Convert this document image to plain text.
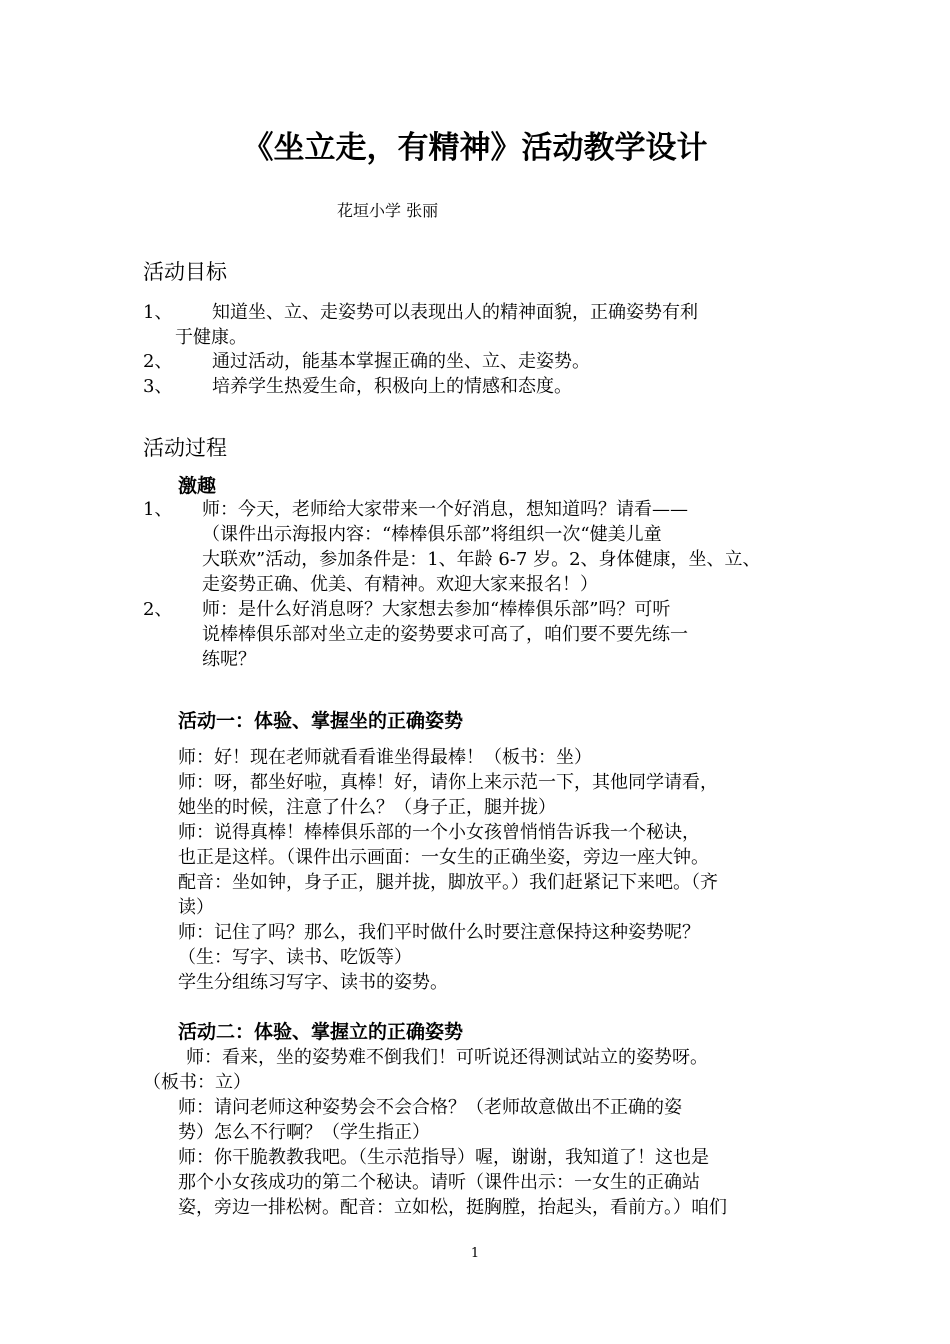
《坐立走，有精神》活动教学设计
花垣小学 张丽
活动目标
1、 知道坐、立、走姿势可以表现出人的精神面貌，正确姿势有利
于健康。
2、 通过活动，能基本掌握正确的坐、立、走姿势。
3、 培养学生热爱生命，积极向上的情感和态度。
活动过程
激趣
1、 师：今天，老师给大家带来一个好消息，想知道吗？请看——
（课件出示海报内容：“棒棒俱乐部”将组织一次“健美儿童
大联欢”活动，参加条件是：1、年龄 6-7 岁。2、身体健康，坐、立、
走姿势正确、优美、有精神。欢迎大家来报名！）
2、 师：是什么好消息呀？大家想去参加“棒棒俱乐部”吗？可听
说棒棒俱乐部对坐立走的姿势要求可高了，咱们要不要先练一
练呢？
活动一：体验、掌握坐的正确姿势
师：好！现在老师就看看谁坐得最棒！（板书：坐）
师：呀，都坐好啦，真棒！好，请你上来示范一下，其他同学请看，
她坐的时候，注意了什么？（身子正，腿并拢）
师：说得真棒！棒棒俱乐部的一个小女孩曾悄悄告诉我一个秘诀，
也正是这样。（课件出示画面：一女生的正确坐姿，旁边一座大钟。
配音：坐如钟，身子正，腿并拢，脚放平。）我们赶紧记下来吧。（齐
读）
师：记住了吗？那么，我们平时做什么时要注意保持这种姿势呢？
（生：写字、读书、吃饭等）
学生分组练习写字、读书的姿势。
活动二：体验、掌握立的正确姿势
师：看来，坐的姿势难不倒我们！可听说还得测试站立的姿势呀。
（板书：立）
师：请问老师这种姿势会不会合格？（老师故意做出不正确的姿
势）怎么不行啊？（学生指正）
师：你干脆教教我吧。（生示范指导）喔，谢谢，我知道了！这也是
那个小女孩成功的第二个秘诀。请听（课件出示：一女生的正确站
姿，旁边一排松树。配音：立如松，挺胸膛，抬起头，看前方。）咱们
1
